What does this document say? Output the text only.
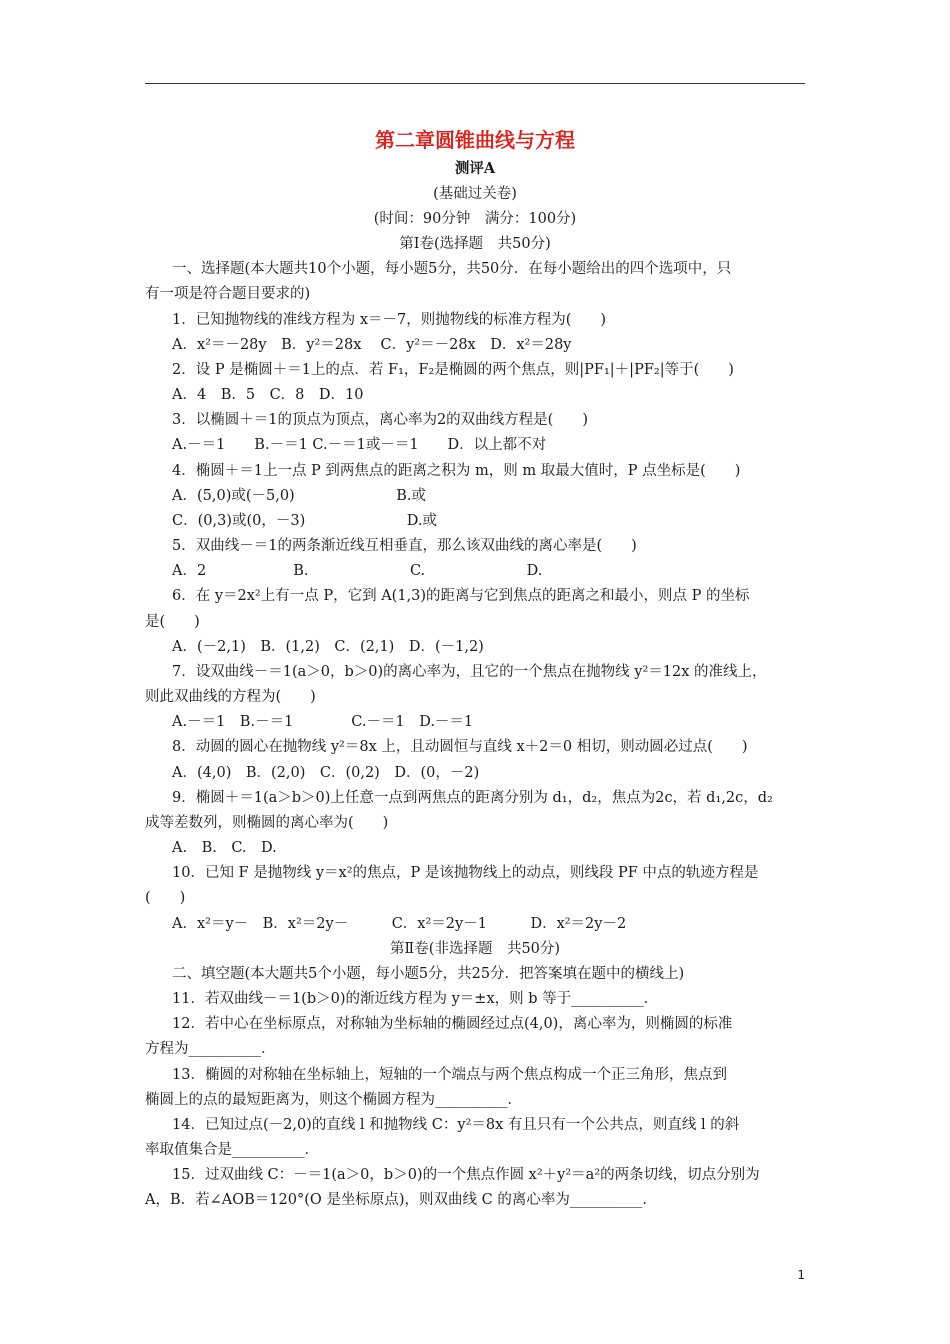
第二章圆锥曲线与方程
测评A
(基础过关卷)
(时间：90分钟　满分：100分)
第Ⅰ卷(选择题　共50分)
一、选择题(本大题共10个小题，每小题5分，共50分．在每小题给出的四个选项中，只
有一项是符合题目要求的)
1．已知抛物线的准线方程为 x＝－7，则抛物线的标准方程为(　　)
A．x²＝－28y　B．y²＝28x　 C．y²＝－28x　D．x²＝28y
2．设 P 是椭圆＋＝1上的点．若 F₁，F₂是椭圆的两个焦点，则|PF₁|＋|PF₂|等于(　　)
A．4　B．5　C．8　D．10
3．以椭圆＋＝1的顶点为顶点，离心率为2的双曲线方程是(　　)
A.－＝1　　B.－＝1 C.－＝1或－＝1　　D．以上都不对
4．椭圆＋＝1上一点 P 到两焦点的距离之积为 m，则 m 取最大值时，P 点坐标是(　　)
A．(5,0)或(－5,0)　　　　　　　B.或
C．(0,3)或(0，－3)　　　　　　　D.或
5．双曲线－＝1的两条渐近线互相垂直，那么该双曲线的离心率是(　　)
A．2　　　　　　B.　　　　　　　C.　　　　　　　D.
6．在 y＝2x²上有一点 P，它到 A(1,3)的距离与它到焦点的距离之和最小，则点 P 的坐标
是(　　)
A．(－2,1)　B．(1,2)　C．(2,1)　D．(－1,2)
7．设双曲线－＝1(a＞0，b＞0)的离心率为，且它的一个焦点在抛物线 y²＝12x 的准线上，
则此双曲线的方程为(　　)
A.－＝1　B.－＝1　　　　C.－＝1　D.－＝1
8．动圆的圆心在抛物线 y²＝8x 上，且动圆恒与直线 x＋2＝0 相切，则动圆必过点(　　)
A．(4,0)　B．(2,0)　C．(0,2)　D．(0，－2)
9．椭圆＋＝1(a＞b＞0)上任意一点到两焦点的距离分别为 d₁，d₂，焦点为2c，若 d₁,2c，d₂
成等差数列，则椭圆的离心率为(　　)
A.　B.　C.　D.
10．已知 F 是抛物线 y＝x²的焦点，P 是该抛物线上的动点，则线段 PF 中点的轨迹方程是
(　　)
A．x²＝y－　B．x²＝2y－　　　C．x²＝2y－1　　　D．x²＝2y－2
第Ⅱ卷(非选择题　共50分)
二、填空题(本大题共5个小题，每小题5分，共25分．把答案填在题中的横线上)
11．若双曲线－＝1(b＞0)的渐近线方程为 y＝±x，则 b 等于__________．
12．若中心在坐标原点，对称轴为坐标轴的椭圆经过点(4,0)，离心率为，则椭圆的标准
方程为__________．
13．椭圆的对称轴在坐标轴上，短轴的一个端点与两个焦点构成一个正三角形，焦点到
椭圆上的点的最短距离为，则这个椭圆方程为__________．
14．已知过点(－2,0)的直线 l 和抛物线 C：y²＝8x 有且只有一个公共点，则直线 l 的斜
率取值集合是__________．
15．过双曲线 C：－＝1(a＞0，b＞0)的一个焦点作圆 x²＋y²＝a²的两条切线，切点分别为
A，B．若∠AOB＝120°(O 是坐标原点)，则双曲线 C 的离心率为__________．
1
